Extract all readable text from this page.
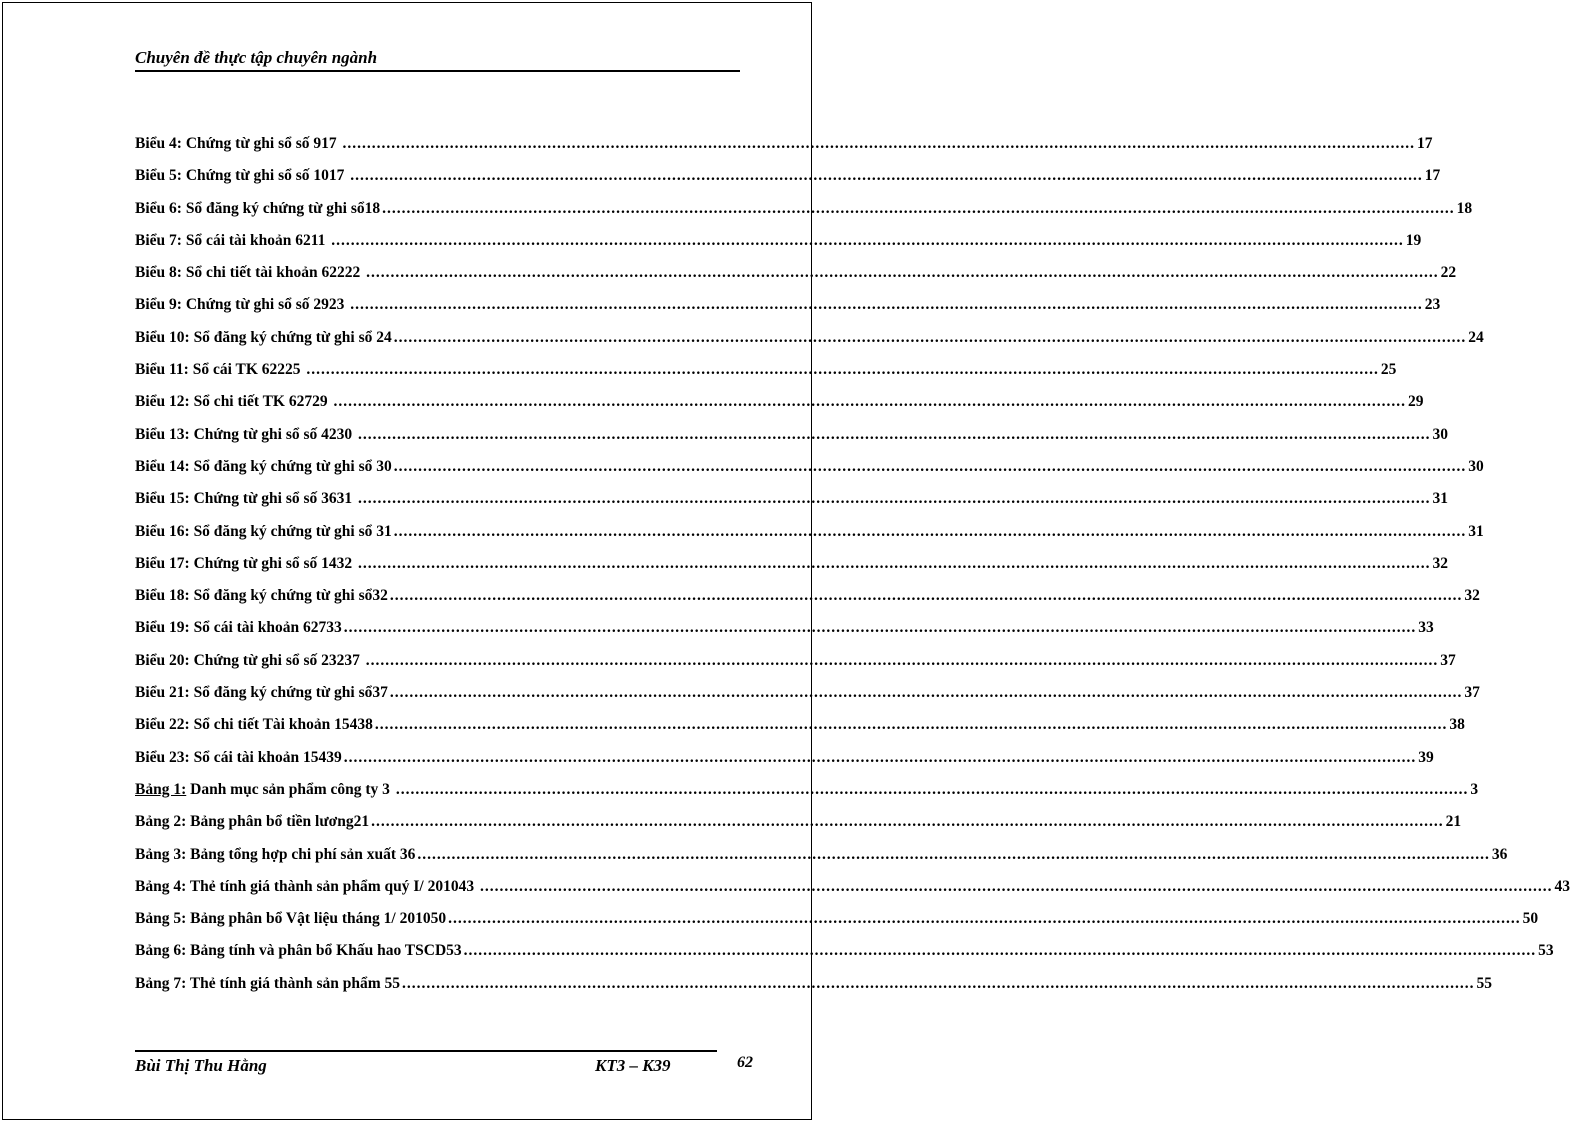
Chuyên đề thực tập chuyên ngành
Biểu 4: Chứng từ ghi sổ số 917 ............................................................................................................................................................................................................................ 17
Biểu 5: Chứng từ ghi sổ số 1017 ............................................................................................................................................................................................................................ 17
Biểu 6: Sổ đăng ký chứng từ ghi sổ18 ............................................................................................................................................................................................................................ 18
Biểu 7: Sổ cái tài khoản 6211 ............................................................................................................................................................................................................................ 19
Biểu 8: Sổ chi tiết tài khoản 62222 ............................................................................................................................................................................................................................ 22
Biểu 9: Chứng từ ghi sổ số 2923 ............................................................................................................................................................................................................................ 23
Biểu 10: Sổ đăng ký chứng từ ghi sổ 24 ............................................................................................................................................................................................................................ 24
Biểu 11: Sổ cái TK 62225 ............................................................................................................................................................................................................................ 25
Biểu 12: Sổ chi tiết TK 62729 ............................................................................................................................................................................................................................ 29
Biểu 13: Chứng từ ghi sổ số 4230 ............................................................................................................................................................................................................................ 30
Biểu 14: Sổ đăng ký chứng từ ghi sổ 30 ............................................................................................................................................................................................................................ 30
Biểu 15: Chứng từ ghi sổ số 3631 ............................................................................................................................................................................................................................ 31
Biểu 16: Sổ đăng ký chứng từ ghi sổ 31 ............................................................................................................................................................................................................................ 31
Biểu 17: Chứng từ ghi sổ số 1432 ............................................................................................................................................................................................................................ 32
Biểu 18: Sổ đăng ký chứng từ ghi sổ32 ............................................................................................................................................................................................................................ 32
Biểu 19: Sổ cái tài khoản 62733 ............................................................................................................................................................................................................................ 33
Biểu 20: Chứng từ ghi sổ số 23237 ............................................................................................................................................................................................................................ 37
Biểu 21: Sổ đăng ký chứng từ ghi sổ37 ............................................................................................................................................................................................................................ 37
Biểu 22: Sổ chi tiết Tài khoản 15438 ............................................................................................................................................................................................................................ 38
Biểu 23: Sổ cái tài khoản 15439 ............................................................................................................................................................................................................................ 39
Bảng 1: Danh mục sản phẩm công ty 3 ............................................................................................................................................................................................................................ 3
Bảng 2: Bảng phân bổ tiền lương21 ............................................................................................................................................................................................................................ 21
Bảng 3: Bảng tổng hợp chi phí sản xuất 36 ............................................................................................................................................................................................................................ 36
Bảng 4: Thẻ tính giá thành sản phẩm quý I/ 201043 ............................................................................................................................................................................................................................ 43
Bảng 5: Bảng phân bổ Vật liệu tháng 1/ 201050 ............................................................................................................................................................................................................................ 50
Bảng 6: Bảng tính và phân bổ Khấu hao TSCD53 ............................................................................................................................................................................................................................ 53
Bảng 7: Thẻ tính giá thành sản phẩm 55 ............................................................................................................................................................................................................................ 55
Bùi Thị Thu Hằng	KT3 – K39	62
